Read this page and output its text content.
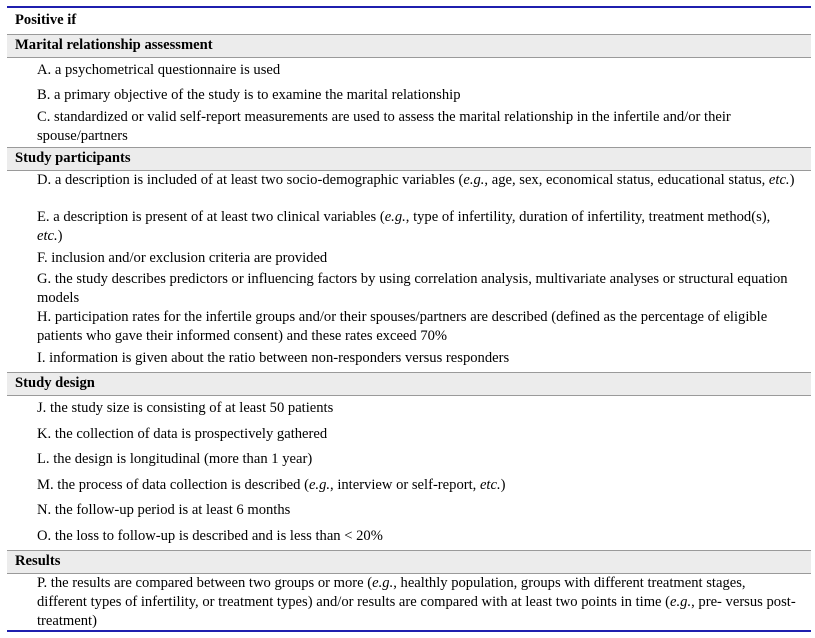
Positive if
Marital relationship assessment
A. a psychometrical questionnaire is used
B. a primary objective of the study is to examine the marital relationship
C. standardized or valid self-report measurements are used to assess the marital relationship in the infertile and/or their spouse/partners
Study participants
D. a description is included of at least two socio-demographic variables (e.g., age, sex, economical status, educational status, etc.)
E. a description is present of at least two clinical variables (e.g., type of infertility, duration of infertility, treatment method(s), etc.)
F. inclusion and/or exclusion criteria are provided
G. the study describes predictors or influencing factors by using correlation analysis, multivariate analyses or structural equation models
H. participation rates for the infertile groups and/or their spouses/partners are described (defined as the percentage of eligible patients who gave their informed consent) and these rates exceed 70%
I. information is given about the ratio between non-responders versus responders
Study design
J. the study size is consisting of at least 50 patients
K. the collection of data is prospectively gathered
L. the design is longitudinal (more than 1 year)
M. the process of data collection is described (e.g., interview or self-report, etc.)
N. the follow-up period is at least 6 months
O. the loss to follow-up is described and is less than < 20%
Results
P. the results are compared between two groups or more (e.g., healthly population, groups with different treatment stages, different types of infertility, or treatment types) and/or results are compared with at least two points in time (e.g., pre- versus post-treatment)
